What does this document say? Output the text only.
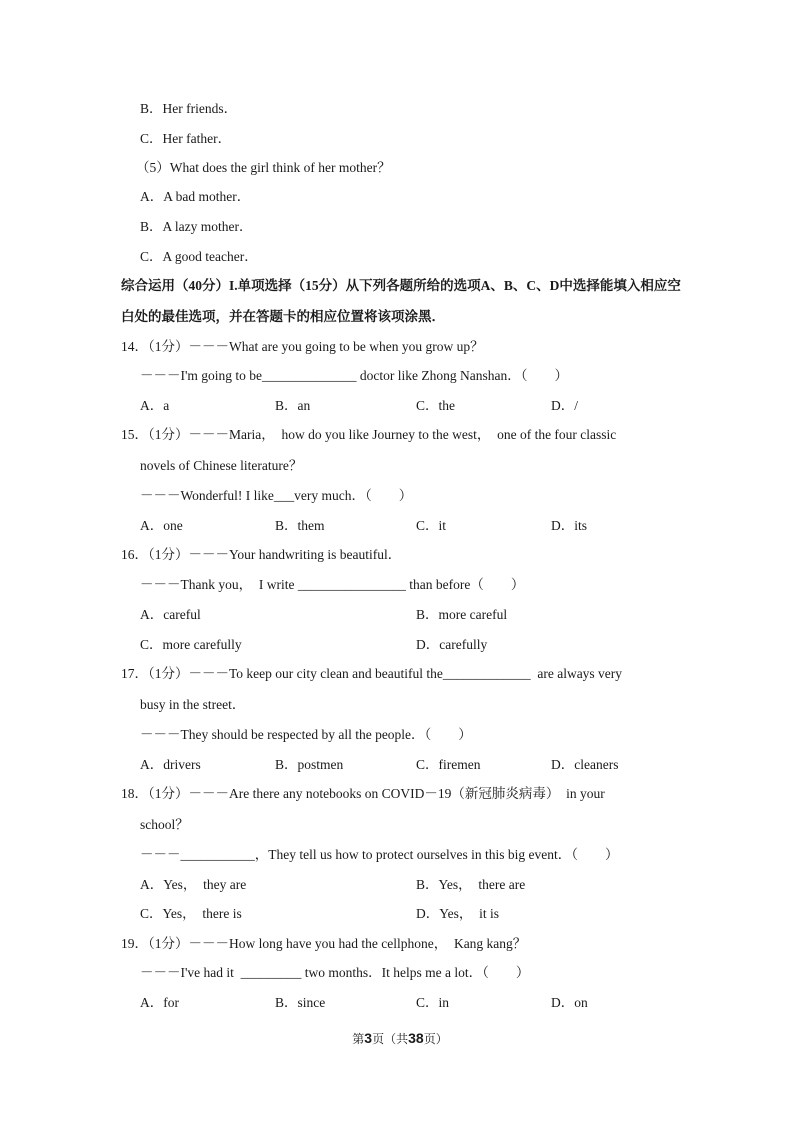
B．Her friends．
C．Her father．
（5）What does the girl think of her mother？
A．A bad mother．
B．A lazy mother．
C．A good teacher．
综合运用（40分）I.单项选择（15分）从下列各题所给的选项A、B、C、D中选择能填入相应空
白处的最佳选项，并在答题卡的相应位置将该项涂黑．
14．（1分）－－－What are you going to be when you grow up？
－－－I'm going to be______________ doctor like Zhong Nanshan．（　　）
A．a	B．an	C．the	D．/
15．（1分）－－－Maria，  how do you like Journey to the west，  one of the four classic
novels of Chinese literature？
－－－Wonderful! I like___very much．（　　）
A．one	B．them	C．it	D．its
16．（1分）－－－Your handwriting is beautiful．
－－－Thank you，  I write ________________ than before（　　）
A．careful	B．more careful
C．more carefully	D．carefully
17．（1分）－－－To keep our city clean and beautiful the_____________  are always very
busy in the street．
－－－They should be respected by all the people．（　　）
A．drivers	B．postmen	C．firemen	D．cleaners
18．（1分）－－－Are there any notebooks on COVID－19（新冠肺炎病毒）  in your
school？
－－－___________，They tell us how to protect ourselves in this big event．（　　）
A．Yes，  they are	B．Yes，  there are
C．Yes，  there is	D．Yes，  it is
19．（1分）－－－How long have you had the cellphone，  Kang kang？
－－－I've had it  _________ two months．It helps me a lot．（　　）
A．for	B．since	C．in	D．on
第3页（共38页）
